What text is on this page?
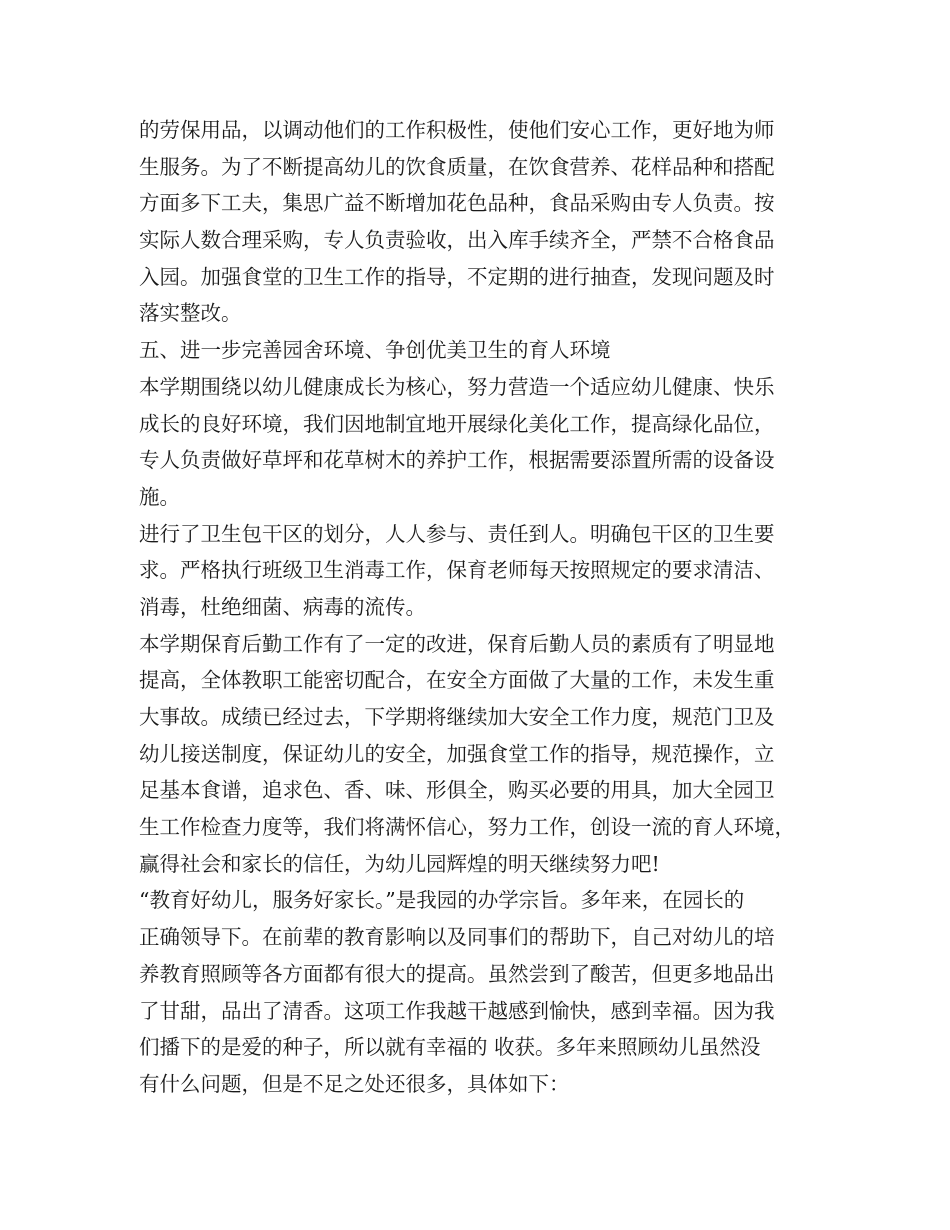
的劳保用品，以调动他们的工作积极性，使他们安心工作，更好地为师
生服务。为了不断提高幼儿的饮食质量，在饮食营养、花样品种和搭配
方面多下工夫，集思广益不断增加花色品种，食品采购由专人负责。按
实际人数合理采购，专人负责验收，出入库手续齐全，严禁不合格食品
入园。加强食堂的卫生工作的指导，不定期的进行抽查，发现问题及时
落实整改。
五、进一步完善园舍环境、争创优美卫生的育人环境
本学期围绕以幼儿健康成长为核心，努力营造一个适应幼儿健康、快乐
成长的良好环境，我们因地制宜地开展绿化美化工作，提高绿化品位，
专人负责做好草坪和花草树木的养护工作，根据需要添置所需的设备设
施。
进行了卫生包干区的划分，人人参与、责任到人。明确包干区的卫生要
求。严格执行班级卫生消毒工作，保育老师每天按照规定的要求清洁、
消毒，杜绝细菌、病毒的流传。
本学期保育后勤工作有了一定的改进，保育后勤人员的素质有了明显地
提高，全体教职工能密切配合，在安全方面做了大量的工作，未发生重
大事故。成绩已经过去，下学期将继续加大安全工作力度，规范门卫及
幼儿接送制度，保证幼儿的安全，加强食堂工作的指导，规范操作，立
足基本食谱，追求色、香、味、形俱全，购买必要的用具，加大全园卫
生工作检查力度等，我们将满怀信心，努力工作，创设一流的育人环境，
赢得社会和家长的信任，为幼儿园辉煌的明天继续努力吧!
“教育好幼儿，服务好家长。”是我园的办学宗旨。多年来，在园长的
正确领导下。在前辈的教育影响以及同事们的帮助下，自己对幼儿的培
养教育照顾等各方面都有很大的提高。虽然尝到了酸苦，但更多地品出
了甘甜，品出了清香。这项工作我越干越感到愉快，感到幸福。因为我
们播下的是爱的种子，所以就有幸福的 收获。多年来照顾幼儿虽然没
有什么问题，但是不足之处还很多，具体如下：
